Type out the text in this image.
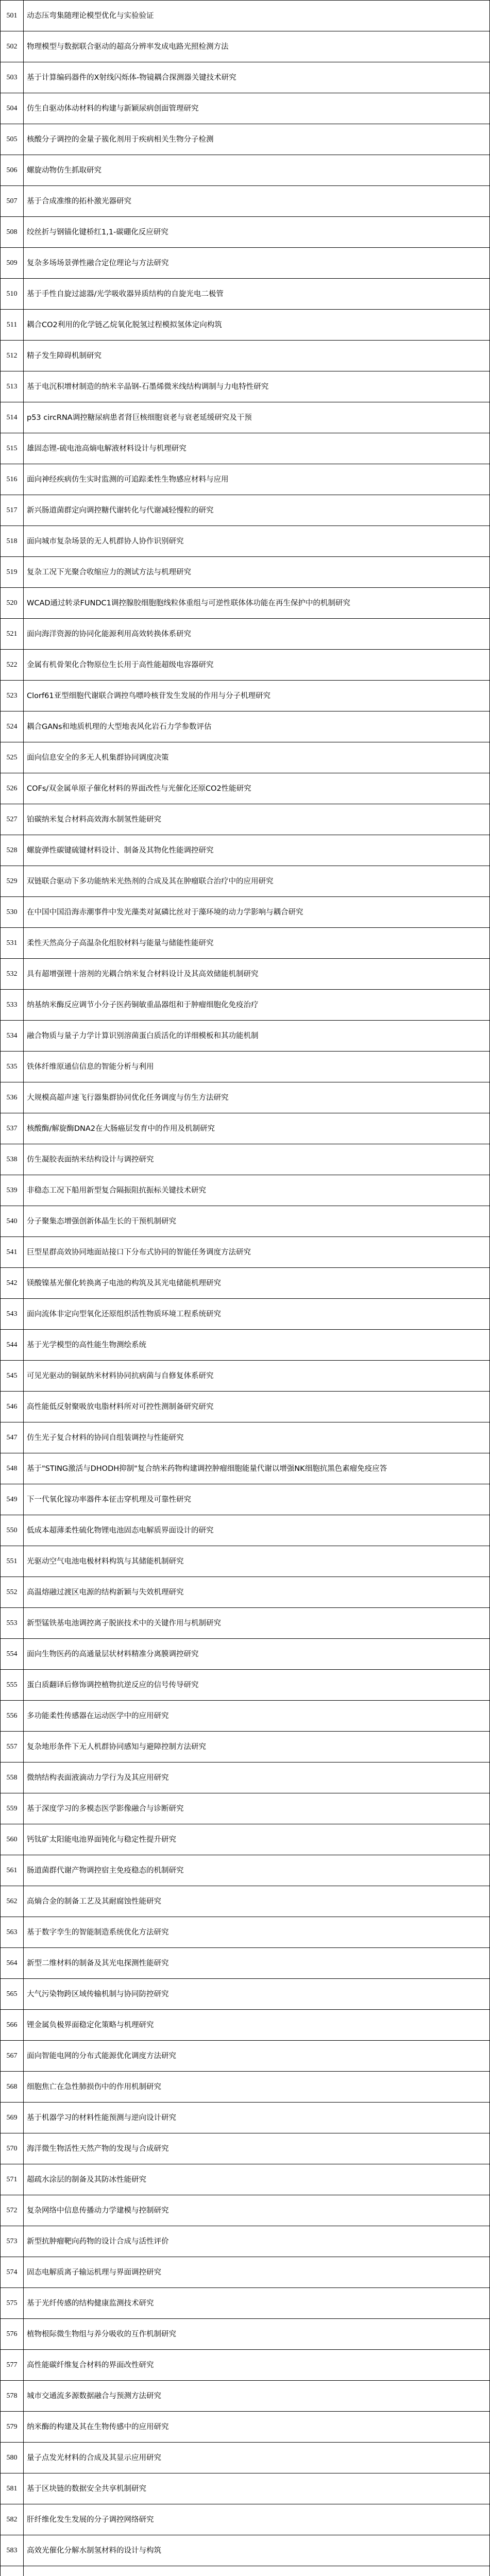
501	动态压弯集随理论模型优化与实验验证
502	物理模型与数据联合驱动的超高分辨率发成电路光照检测方法
503	基于计算编码器件的X射线闪烁体-物镜耦合探测器关键技术研究
504	仿生自驱动体动材料的构建与新颖尿病创面管理研究
505	核酸分子调控的金量子簇化剂用于疾病相关生物分子检测
506	螺旋动物仿生抓取研究
507	基于合成准维的拓朴激光器研究
508	绞丝折与钢锚化键桥红1,1-碳硼化反应研究
509	复杂多场场景弹性融合定位理论与方法研究
510	基于手性自旋过滤器/光学吸收器异质结构的自旋光电二极管
511	耦合CO2利用的化学链乙烷氧化脱氢过程模拟氢体定向构筑
512	精子发生障碍机制研究
513	基于电沉积增材制造的纳米辛晶钢-石墨烯微米线结构调制与力电特性研究
514	p53 circRNA调控糖尿病患者肾巨核细胞衰老与衰老延缓研究及干预
515	雄固态锂-硫电池高熵电解液材料设计与机理研究
516	面向神经疾病仿生实时监测的可追踪柔性生物感应材料与应用
517	新兴肠道菌群定向调控糖代谢转化与代谢减轻慢粒的研究
518	面向城市复杂场景的无人机群协人协作识别研究
519	复杂工况下光聚合收缩应力的测试方法与机理研究
520	WCAD通过转录FUNDC1调控腺胶细胞胞线粒体重组与可逆性联体体功能在再生保护中的机制研究
521	面向海洋资源的协同化能源利用高效转换体系研究
522	金属有机骨架化合物原位生长用于高性能超级电容器研究
523	Clorf61亚型细胞代谢联合调控鸟嘌呤核苷发生发展的作用与分子机理研究
524	耦合GANs和地质机理的大型地表风化岩石力学参数评估
525	面向信息安全的多无人机集群协同调度决策
526	COFs/双金属单原子催化材料的界面改性与光催化还原CO2性能研究
527	铂碳纳米复合材料高效海水制氢性能研究
528	螺旋弹性碳键硫键材料设计、制备及其物化性能调控研究
529	双链联合驱动下多功能纳米光热剂的合成及其在肿瘤联合治疗中的应用研究
530	在中国中国沿海赤潮事件中发光藻类对氮磷比丝对于藻环境的动力学影响与耦合研究
531	柔性天然高分子高温杂化组胶材料与能量与储能性能研究
532	具有超增强锂十溶剂的光耦合纳米复合材料设计及其高效储能机制研究
533	纳基纳米酶反应调节小分子医药铜敏重晶器组和于肿瘤细胞化免疫治疗
534	融合物质与量子力学计算识别溶菌蛋白质活化的详细模板和其功能机制
535	铁体纤维原通信信息的智能分析与利用
536	大规模高超声速飞行器集群协同优化任务调度与仿生方法研究
537	核酸酶/解旋酶DNA2在大肠癌层发育中的作用及机制研究
538	仿生凝胶表面纳米结构设计与调控研究
539	非稳态工况下船用新型复合隔振阻抗振标关键技术研究
540	分子聚集态增强创新体晶生长的干预机制研究
541	巨型星群高效协同地面站接口下分布式协同的智能任务调度方法研究
542	镁酸镍基光催化转换离子电池的构筑及其光电储能机理研究
543	面向流体非定向型氧化还原组织活性物质环境工程系统研究
544	基于光学模型的高性能生物测绘系统
545	可见光驱动的铜氨纳米材料协同抗病菌与自修复体系研究
546	高性能低反射聚吸放电脂材料所对可控性测制备研究研究
547	仿生光子复合材料的协同自组装调控与性能研究
548	基于"STING激活与DHODH抑制"复合纳米药物构建调控肿瘤细胞能量代谢以增强NK细胞抗黑色素瘤免疫应答
549	下一代氧化镓功率器件本征击穿机理及可靠性研究
550	低成本超薄柔性硫化物锂电池固态电解质界面设计的研究
551	光驱动空气电池电极材料构筑与其储能机制研究
552	高温熔融过渡区电源的结构新颖与失效机理研究
553	新型锰铁基电池调控离子脱嵌技术中的关键作用与机制研究
554	面向生物医药的高通量层状材料精准分离膜调控研究
555	蛋白质翻译后修饰调控植物抗逆反应的信号传导研究
556	多功能柔性传感器在运动医学中的应用研究
557	复杂地形条件下无人机群协同感知与避障控制方法研究
558	微纳结构表面液滴动力学行为及其应用研究
559	基于深度学习的多模态医学影像融合与诊断研究
560	钙钛矿太阳能电池界面钝化与稳定性提升研究
561	肠道菌群代谢产物调控宿主免疫稳态的机制研究
562	高熵合金的制备工艺及其耐腐蚀性能研究
563	基于数字孪生的智能制造系统优化方法研究
564	新型二维材料的制备及其光电探测性能研究
565	大气污染物跨区域传输机制与协同防控研究
566	锂金属负极界面稳定化策略与机理研究
567	面向智能电网的分布式能源优化调度方法研究
568	细胞焦亡在急性肺损伤中的作用机制研究
569	基于机器学习的材料性能预测与逆向设计研究
570	海洋微生物活性天然产物的发现与合成研究
571	超疏水涂层的制备及其防冰性能研究
572	复杂网络中信息传播动力学建模与控制研究
573	新型抗肿瘤靶向药物的设计合成与活性评价
574	固态电解质离子输运机理与界面调控研究
575	基于光纤传感的结构健康监测技术研究
576	植物根际微生物组与养分吸收的互作机制研究
577	高性能碳纤维复合材料的界面改性研究
578	城市交通流多源数据融合与预测方法研究
579	纳米酶的构建及其在生物传感中的应用研究
580	量子点发光材料的合成及其显示应用研究
581	基于区块链的数据安全共享机制研究
582	肝纤维化发生发展的分子调控网络研究
583	高效光催化分解水制氢材料的设计与构筑
